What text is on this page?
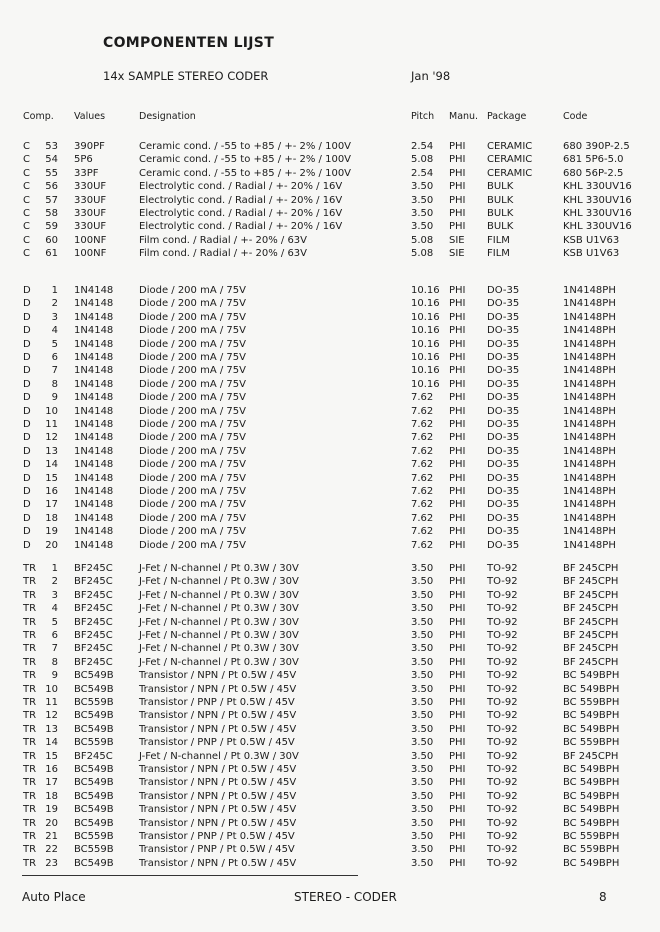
COMPONENTEN LIJST
14x SAMPLE STEREO CODER	Jan '98
Comp. Values	Designation	Pitch Manu. Package	Code
C	53 390PF	Ceramic cond. / -55 to +85 / +- 2% / 100V	2.54 PHI CERAMIC	680 390P-2.5
C	54 5P6	Ceramic cond. / -55 to +85 / +- 2% / 100V	5.08 PHI CERAMIC	681 5P6-5.0
C	55 33PF	Ceramic cond. / -55 to +85 / +- 2% / 100V	2.54 PHI CERAMIC	680 56P-2.5
C	56 330UF	Electrolytic cond. / Radial / +- 20% / 16V	3.50 PHI BULK	KHL 330UV16
C	57 330UF	Electrolytic cond. / Radial / +- 20% / 16V	3.50 PHI BULK	KHL 330UV16
C	58 330UF	Electrolytic cond. / Radial / +- 20% / 16V	3.50 PHI BULK	KHL 330UV16
C	59 330UF	Electrolytic cond. / Radial / +- 20% / 16V	3.50 PHI BULK	KHL 330UV16
C	60 100NF	Film cond. / Radial / +- 20% / 63V	5.08 SIE FILM	KSB U1V63
C	61 100NF	Film cond. / Radial / +- 20% / 63V	5.08 SIE FILM	KSB U1V63
D	1 1N4148	Diode / 200 mA / 75V	10.16 PHI DO-35	1N4148PH
D	2 1N4148	Diode / 200 mA / 75V	10.16 PHI DO-35	1N4148PH
D	3 1N4148	Diode / 200 mA / 75V	10.16 PHI DO-35	1N4148PH
D	4 1N4148	Diode / 200 mA / 75V	10.16 PHI DO-35	1N4148PH
D	5 1N4148	Diode / 200 mA / 75V	10.16 PHI DO-35	1N4148PH
D	6 1N4148	Diode / 200 mA / 75V	10.16 PHI DO-35	1N4148PH
D	7 1N4148	Diode / 200 mA / 75V	10.16 PHI DO-35	1N4148PH
D	8 1N4148	Diode / 200 mA / 75V	10.16 PHI DO-35	1N4148PH
D	9 1N4148	Diode / 200 mA / 75V	7.62 PHI DO-35	1N4148PH
D	10 1N4148	Diode / 200 mA / 75V	7.62 PHI DO-35	1N4148PH
D	11 1N4148	Diode / 200 mA / 75V	7.62 PHI DO-35	1N4148PH
D	12 1N4148	Diode / 200 mA / 75V	7.62 PHI DO-35	1N4148PH
D	13 1N4148	Diode / 200 mA / 75V	7.62 PHI DO-35	1N4148PH
D	14 1N4148	Diode / 200 mA / 75V	7.62 PHI DO-35	1N4148PH
D	15 1N4148	Diode / 200 mA / 75V	7.62 PHI DO-35	1N4148PH
D	16 1N4148	Diode / 200 mA / 75V	7.62 PHI DO-35	1N4148PH
D	17 1N4148	Diode / 200 mA / 75V	7.62 PHI DO-35	1N4148PH
D	18 1N4148	Diode / 200 mA / 75V	7.62 PHI DO-35	1N4148PH
D	19 1N4148	Diode / 200 mA / 75V	7.62 PHI DO-35	1N4148PH
D	20 1N4148	Diode / 200 mA / 75V	7.62 PHI DO-35	1N4148PH
TR	1 BF245C	J-Fet / N-channel / Pt 0.3W / 30V	3.50 PHI TO-92	BF 245CPH
TR	2 BF245C	J-Fet / N-channel / Pt 0.3W / 30V	3.50 PHI TO-92	BF 245CPH
TR	3 BF245C	J-Fet / N-channel / Pt 0.3W / 30V	3.50 PHI TO-92	BF 245CPH
TR	4 BF245C	J-Fet / N-channel / Pt 0.3W / 30V	3.50 PHI TO-92	BF 245CPH
TR	5 BF245C	J-Fet / N-channel / Pt 0.3W / 30V	3.50 PHI TO-92	BF 245CPH
TR	6 BF245C	J-Fet / N-channel / Pt 0.3W / 30V	3.50 PHI TO-92	BF 245CPH
TR	7 BF245C	J-Fet / N-channel / Pt 0.3W / 30V	3.50 PHI TO-92	BF 245CPH
TR	8 BF245C	J-Fet / N-channel / Pt 0.3W / 30V	3.50 PHI TO-92	BF 245CPH
TR	9 BC549B	Transistor / NPN / Pt 0.5W / 45V	3.50 PHI TO-92	BC 549BPH
TR 10 BC549B	Transistor / NPN / Pt 0.5W / 45V	3.50 PHI TO-92	BC 549BPH
TR 11 BC559B	Transistor / PNP / Pt 0.5W / 45V	3.50 PHI TO-92	BC 559BPH
TR 12 BC549B	Transistor / NPN / Pt 0.5W / 45V	3.50 PHI TO-92	BC 549BPH
TR 13 BC549B	Transistor / NPN / Pt 0.5W / 45V	3.50 PHI TO-92	BC 549BPH
TR 14 BC559B	Transistor / PNP / Pt 0.5W / 45V	3.50 PHI TO-92	BC 559BPH
TR 15 BF245C	J-Fet / N-channel / Pt 0.3W / 30V	3.50 PHI TO-92	BF 245CPH
TR 16 BC549B	Transistor / NPN / Pt 0.5W / 45V	3.50 PHI TO-92	BC 549BPH
TR 17 BC549B	Transistor / NPN / Pt 0.5W / 45V	3.50 PHI TO-92	BC 549BPH
TR 18 BC549B	Transistor / NPN / Pt 0.5W / 45V	3.50 PHI TO-92	BC 549BPH
TR 19 BC549B	Transistor / NPN / Pt 0.5W / 45V	3.50 PHI TO-92	BC 549BPH
TR 20 BC549B	Transistor / NPN / Pt 0.5W / 45V	3.50 PHI TO-92	BC 549BPH
TR 21 BC559B	Transistor / PNP / Pt 0.5W / 45V	3.50 PHI TO-92	BC 559BPH
TR 22 BC559B	Transistor / PNP / Pt 0.5W / 45V	3.50 PHI TO-92	BC 559BPH
TR 23 BC549B	Transistor / NPN / Pt 0.5W / 45V	3.50 PHI TO-92	BC 549BPH
Auto Place	STEREO - CODER	8
